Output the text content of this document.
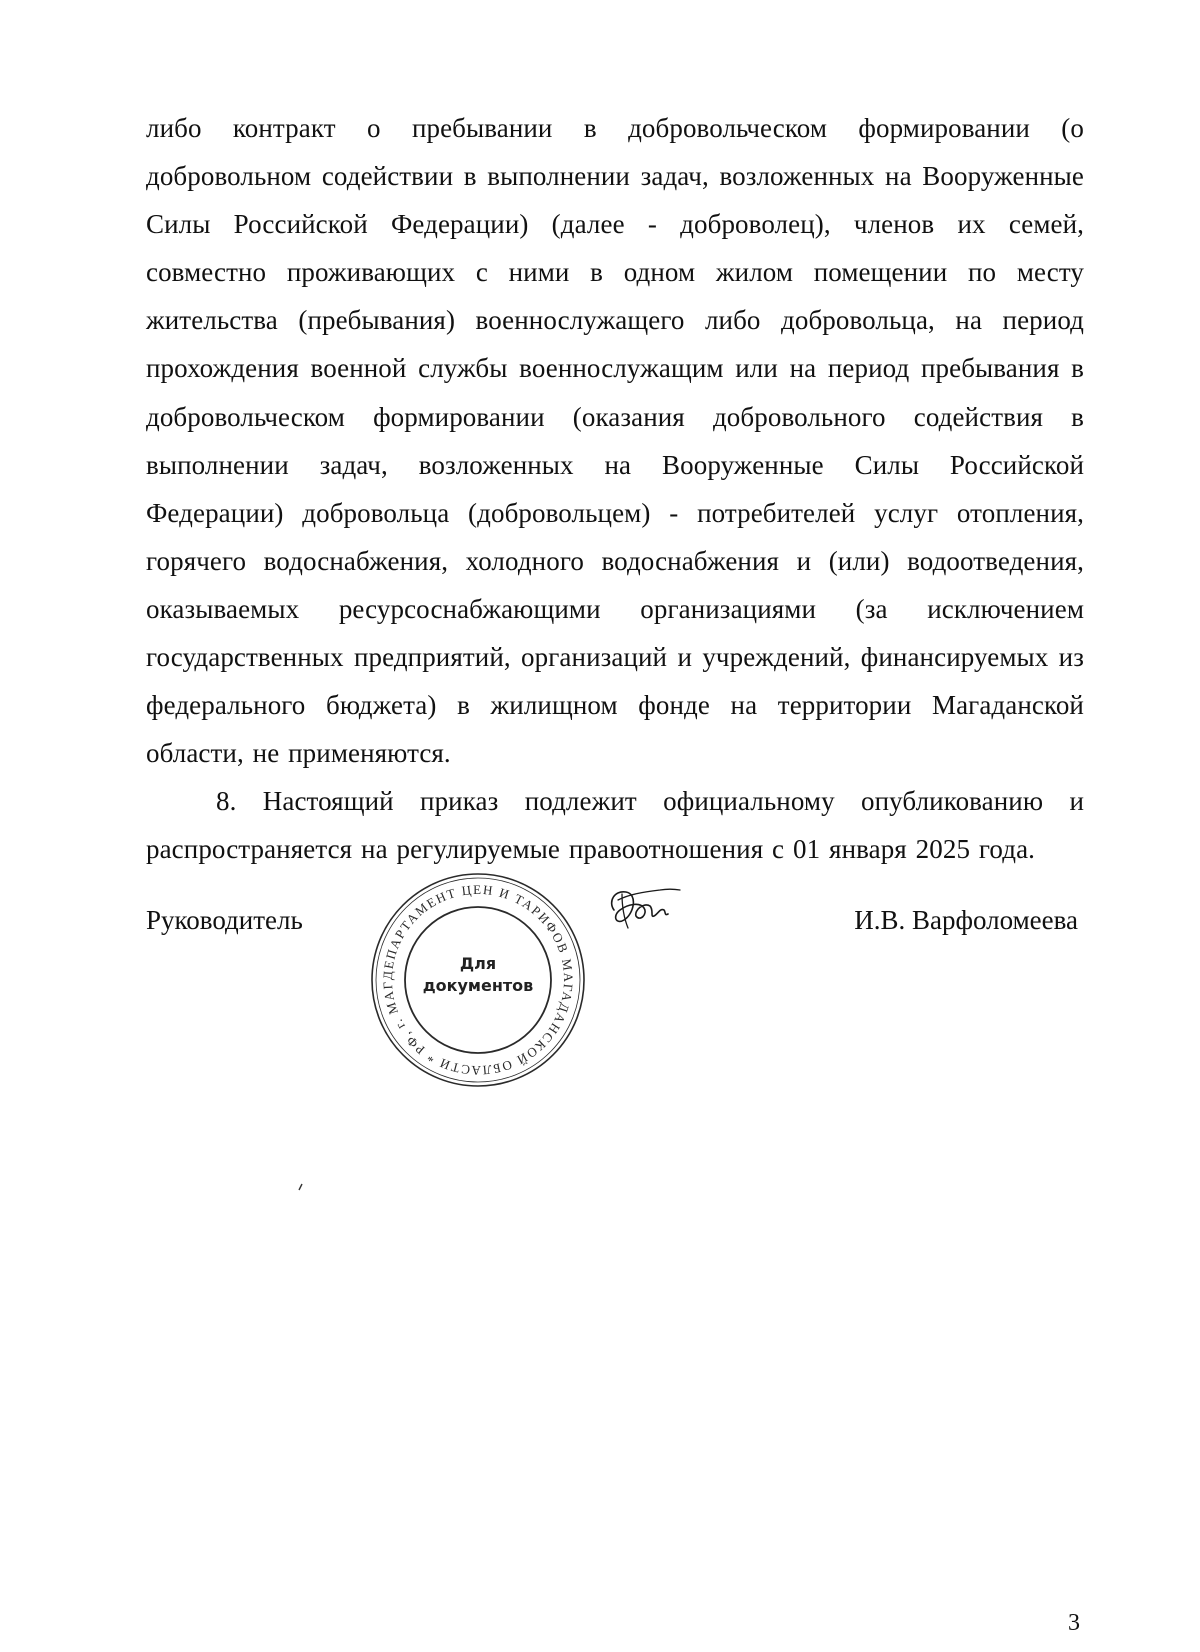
либо контракт о пребывании в добровольческом формировании (о добровольном содействии в выполнении задач, возложенных на Вооруженные Силы Российской Федерации) (далее - доброволец), членов их семей, совместно проживающих с ними в одном жилом помещении по месту жительства (пребывания) военнослужащего либо добровольца, на период прохождения военной службы военнослужащим или на период пребывания в добровольческом формировании (оказания добровольного содействия в выполнении задач, возложенных на Вооруженные Силы Российской Федерации) добровольца (добровольцем) - потребителей услуг отопления, горячего водоснабжения, холодного водоснабжения и (или) водоотведения, оказываемых ресурсоснабжающими организациями (за исключением государственных предприятий, организаций и учреждений, финансируемых из федерального бюджета) в жилищном фонде на территории Магаданской области, не применяются.

8. Настоящий приказ подлежит официальному опубликованию и распространяется на регулируемые правоотношения с 01 января 2025 года.

Руководитель	И.В. Варфоломеева
ДЕПАРТАМЕНТ ЦЕН И ТАРИФОВ МАГАДАНСКОЙ ОБЛАСТИ * РФ, г. МАГ
Для
документов
3
